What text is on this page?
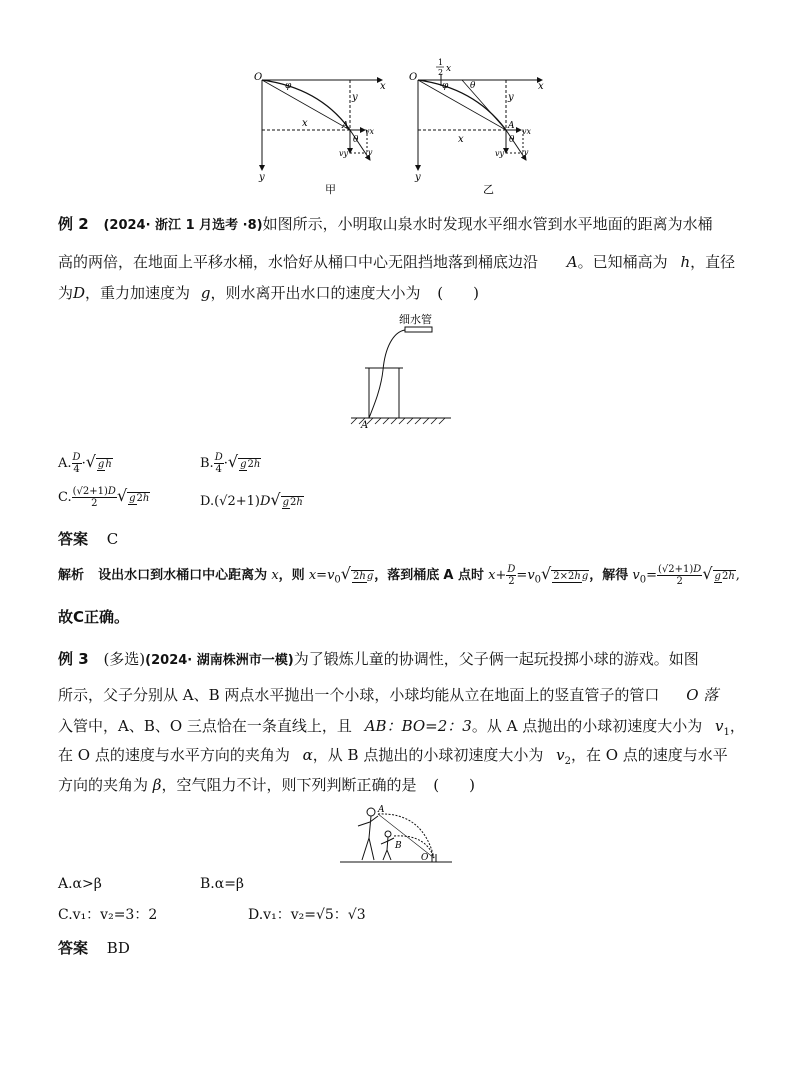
O
φ	x
y
y
x	A
vx
vy v
θ
甲
O
1
2 x
φ θ	x
y
y
x
A
vx
vy v
θ
乙
例 2 (2024· 浙江 1 月选考 ·8)如图所示，小明取山泉水时发现水平细水管到水平地面的距离为水桶
高的两倍，在地面上平移水桶，水恰好从桶口中心无阻挡地落到桶底边沿 A。已知桶高为 h，直径
为D，重力加速度为 g，则水离开出水口的速度大小为 (　　)
细水管
A
A. $\frac{D}{4}$ ·√ gh	B. $\frac{D}{4}$ ·√ g2h
C. $\frac{(√2+1)D}{2}$ √ g2h	D.(√2+1)D√ g2h
答案 C
解析 设出水口到水桶口中心距离为 x，则 $x=v_0√$ 2hg，落到桶底 A 点时 $x+ \frac{D}{2} =v_0√$ 2×2hg，解得 $v_0= \frac{(√2+1)D}{2}$ √ g2h,
故C正确。
例 3 (多选)(2024· 湖南株洲市一模)为了锻炼儿童的协调性，父子俩一起玩投掷小球的游戏。如图
所示，父子分别从 A、B 两点水平抛出一个小球，小球均能从立在地面上的竖直管子的管口 O 落
入管中，A、B、O 三点恰在一条直线上，且 AB：BO=2：3。从 A 点抛出的小球初速度大小为 $v_1$，
在 O 点的速度与水平方向的夹角为 α，从 B 点抛出的小球初速度大小为 $v_2$，在 O 点的速度与水平
方向的夹角为 β，空气阻力不计，则下列判断正确的是 (　　)
A
B
O
A.α>β	B.α=β
C.v₁：v₂=3：2	D.v₁：v₂=√5：√3
答案 BD
